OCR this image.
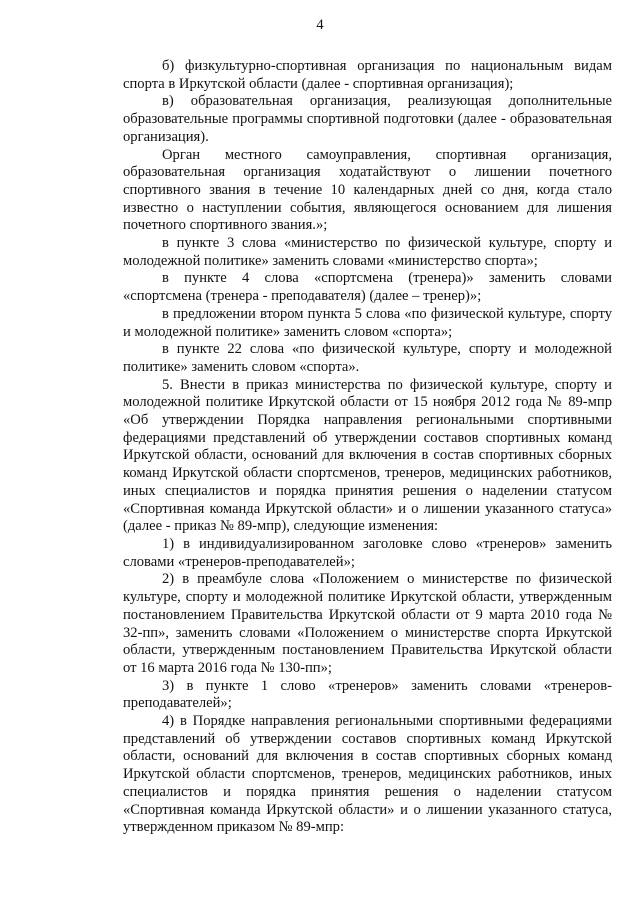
4

б) физкультурно-спортивная организация по национальным видам спорта в Иркутской области (далее - спортивная организация);

в) образовательная организация, реализующая дополнительные образовательные программы спортивной подготовки (далее - образовательная организация).

Орган местного самоуправления, спортивная организация, образовательная организация ходатайствуют о лишении почетного спортивного звания в течение 10 календарных дней со дня, когда стало известно о наступлении события, являющегося основанием для лишения почетного спортивного звания.»;

в пункте 3 слова «министерство по физической культуре, спорту и молодежной политике» заменить словами «министерство спорта»;

в пункте 4 слова «спортсмена (тренера)» заменить словами «спортсмена (тренера - преподавателя) (далее – тренер)»;

в предложении втором пункта 5 слова «по физической культуре, спорту и молодежной политике» заменить словом «спорта»;

в пункте 22 слова «по физической культуре, спорту и молодежной политике» заменить словом «спорта».

5. Внести в приказ министерства по физической культуре, спорту и молодежной политике Иркутской области от 15 ноября 2012 года № 89-мпр «Об утверждении Порядка направления региональными спортивными федерациями представлений об утверждении составов спортивных команд Иркутской области, оснований для включения в состав спортивных сборных команд Иркутской области спортсменов, тренеров, медицинских работников, иных специалистов и порядка принятия решения о наделении статусом «Спортивная команда Иркутской области» и о лишении указанного статуса» (далее - приказ № 89-мпр), следующие изменения:

1) в индивидуализированном заголовке слово «тренеров» заменить словами «тренеров-преподавателей»;

2) в преамбуле слова «Положением о министерстве по физической культуре, спорту и молодежной политике Иркутской области, утвержденным постановлением Правительства Иркутской области от 9 марта 2010 года № 32-пп», заменить словами «Положением о министерстве спорта Иркутской области, утвержденным постановлением Правительства Иркутской области от 16 марта 2016 года № 130-пп»;

3) в пункте 1 слово «тренеров» заменить словами «тренеров-преподавателей»;

4) в Порядке направления региональными спортивными федерациями представлений об утверждении составов спортивных команд Иркутской области, оснований для включения в состав спортивных сборных команд Иркутской области спортсменов, тренеров, медицинских работников, иных специалистов и порядка принятия решения о наделении статусом «Спортивная команда Иркутской области» и о лишении указанного статуса, утвержденном приказом № 89-мпр:
